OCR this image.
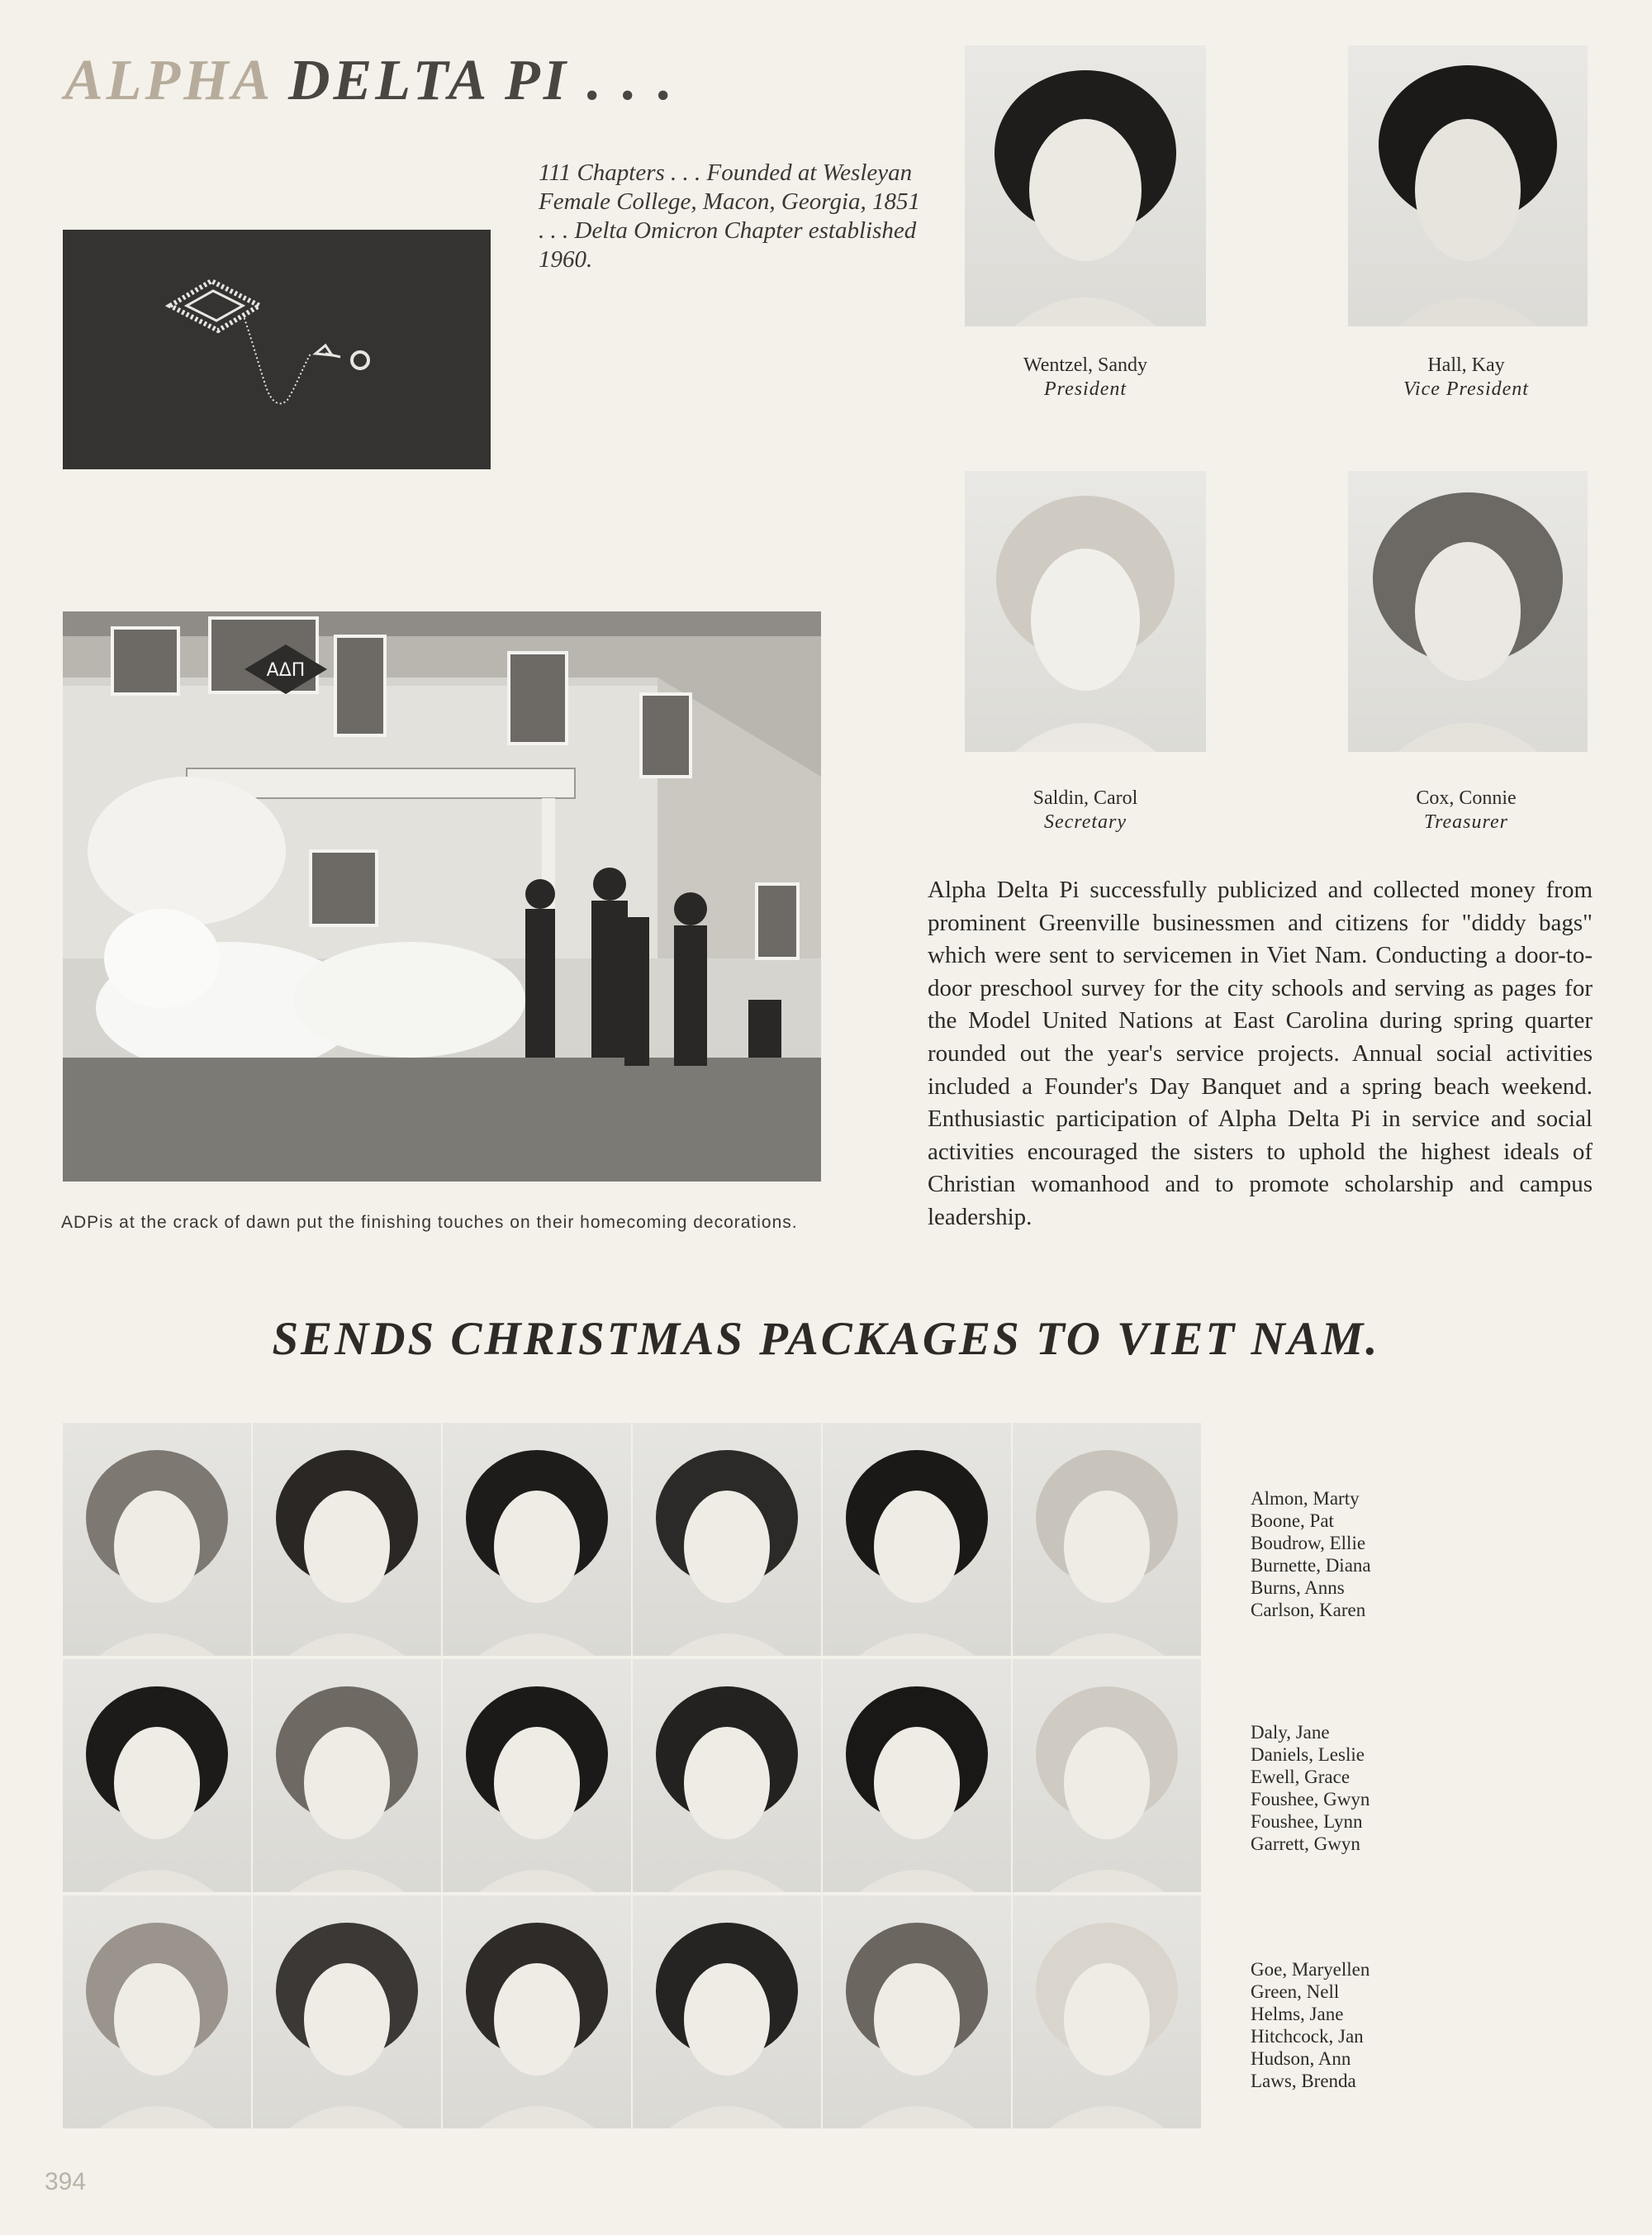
ALPHA DELTA PI . . .
111 Chapters . . . Founded at Wesleyan Female College, Macon, Georgia, 1851 . . . Delta Omicron Chapter established 1960.
AΔΠ
ADPis at the crack of dawn put the finishing touches on their homecoming decorations.
Wentzel, Sandy
President
Hall, Kay
Vice President
Saldin, Carol
Secretary
Cox, Connie
Treasurer
Alpha Delta Pi successfully publicized and collected money from prominent Greenville businessmen and citizens for "diddy bags" which were sent to servicemen in Viet Nam. Conducting a door-to-door preschool survey for the city schools and serving as pages for the Model United Nations at East Carolina during spring quarter rounded out the year's service projects. Annual social activities included a Founder's Day Banquet and a spring beach weekend. Enthusiastic participation of Alpha Delta Pi in service and social activities encouraged the sisters to uphold the highest ideals of Christian womanhood and to promote scholarship and campus leadership.
SENDS CHRISTMAS PACKAGES TO VIET NAM.
Almon, Marty
Boone, Pat
Boudrow, Ellie
Burnette, Diana
Burns, Anns
Carlson, Karen
Daly, Jane
Daniels, Leslie
Ewell, Grace
Foushee, Gwyn
Foushee, Lynn
Garrett, Gwyn
Goe, Maryellen
Green, Nell
Helms, Jane
Hitchcock, Jan
Hudson, Ann
Laws, Brenda
394
